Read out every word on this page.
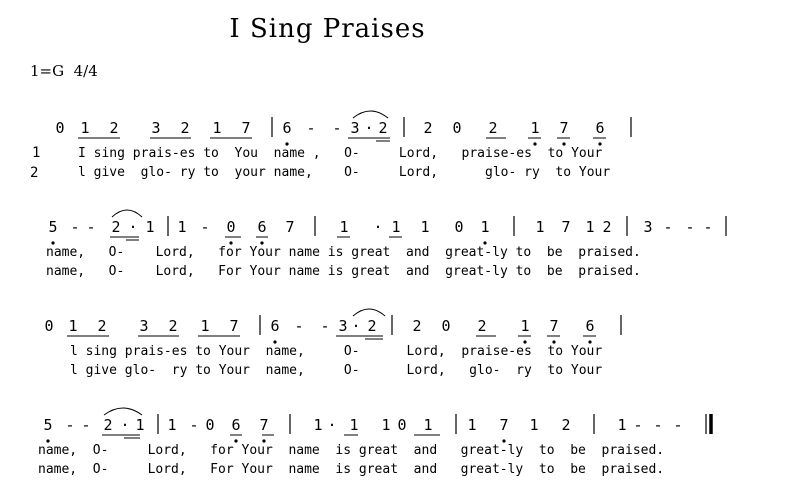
I Sing Praises
1=G  4/4
0 1 2 3 2 1 7 6 - - 3 · 2 2 0 2 1 7 6
5 - - 2 · 1 1 - 0 6 7	1 · 1 1 0 1	1 7 1 2 3 - - -
0 1 2 3 2 1 7 6 - - 3 · 2 2 0 2 1 7 6
5 - - 2 · 1 1 - 0 6 7	1 · 1 1 0 1 1 7 1 2	1 - - -
1
2
I sing prais-es to  You  name ,   O-     Lord,   praise-es  to Your
l give  glo- ry to  your name,    O-     Lord,      glo- ry  to Your
name,   O-    Lord,   for Your name is great  and  great-ly to  be  praised.
name,   O-    Lord,   For Your name is great  and  great-ly to  be  praised.
l sing prais-es to Your  name,     O-      Lord,  praise-es  to Your
l give glo-  ry to Your  name,     O-      Lord,   glo-  ry  to Your
name,  O-     Lord,   for Your  name  is great  and   great-ly  to  be  praised.
name,  O-     Lord,   For Your  name  is great  and   great-ly  to  be  praised.
